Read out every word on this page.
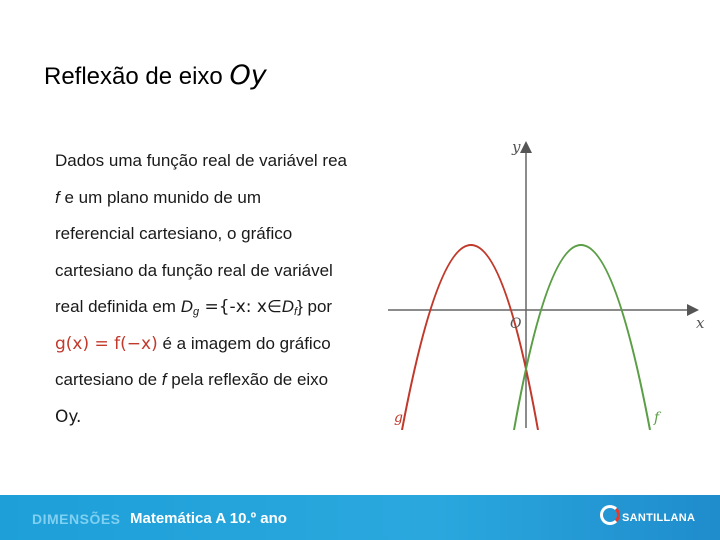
Reflexão de eixo Oy
Dados uma função real de variável rea
f e um plano munido de um
referencial cartesiano, o gráfico
cartesiano da função real de variável
real definida em $D_g =\{-x$: $x\in D_f$} por
g(x) = f(−x) é a imagem do gráfico
cartesiano de f pela reflexão de eixo
Oy.
y
x
O
g	f
DIMENSÕES Matemática A 10.º ano	SANTILLANA
